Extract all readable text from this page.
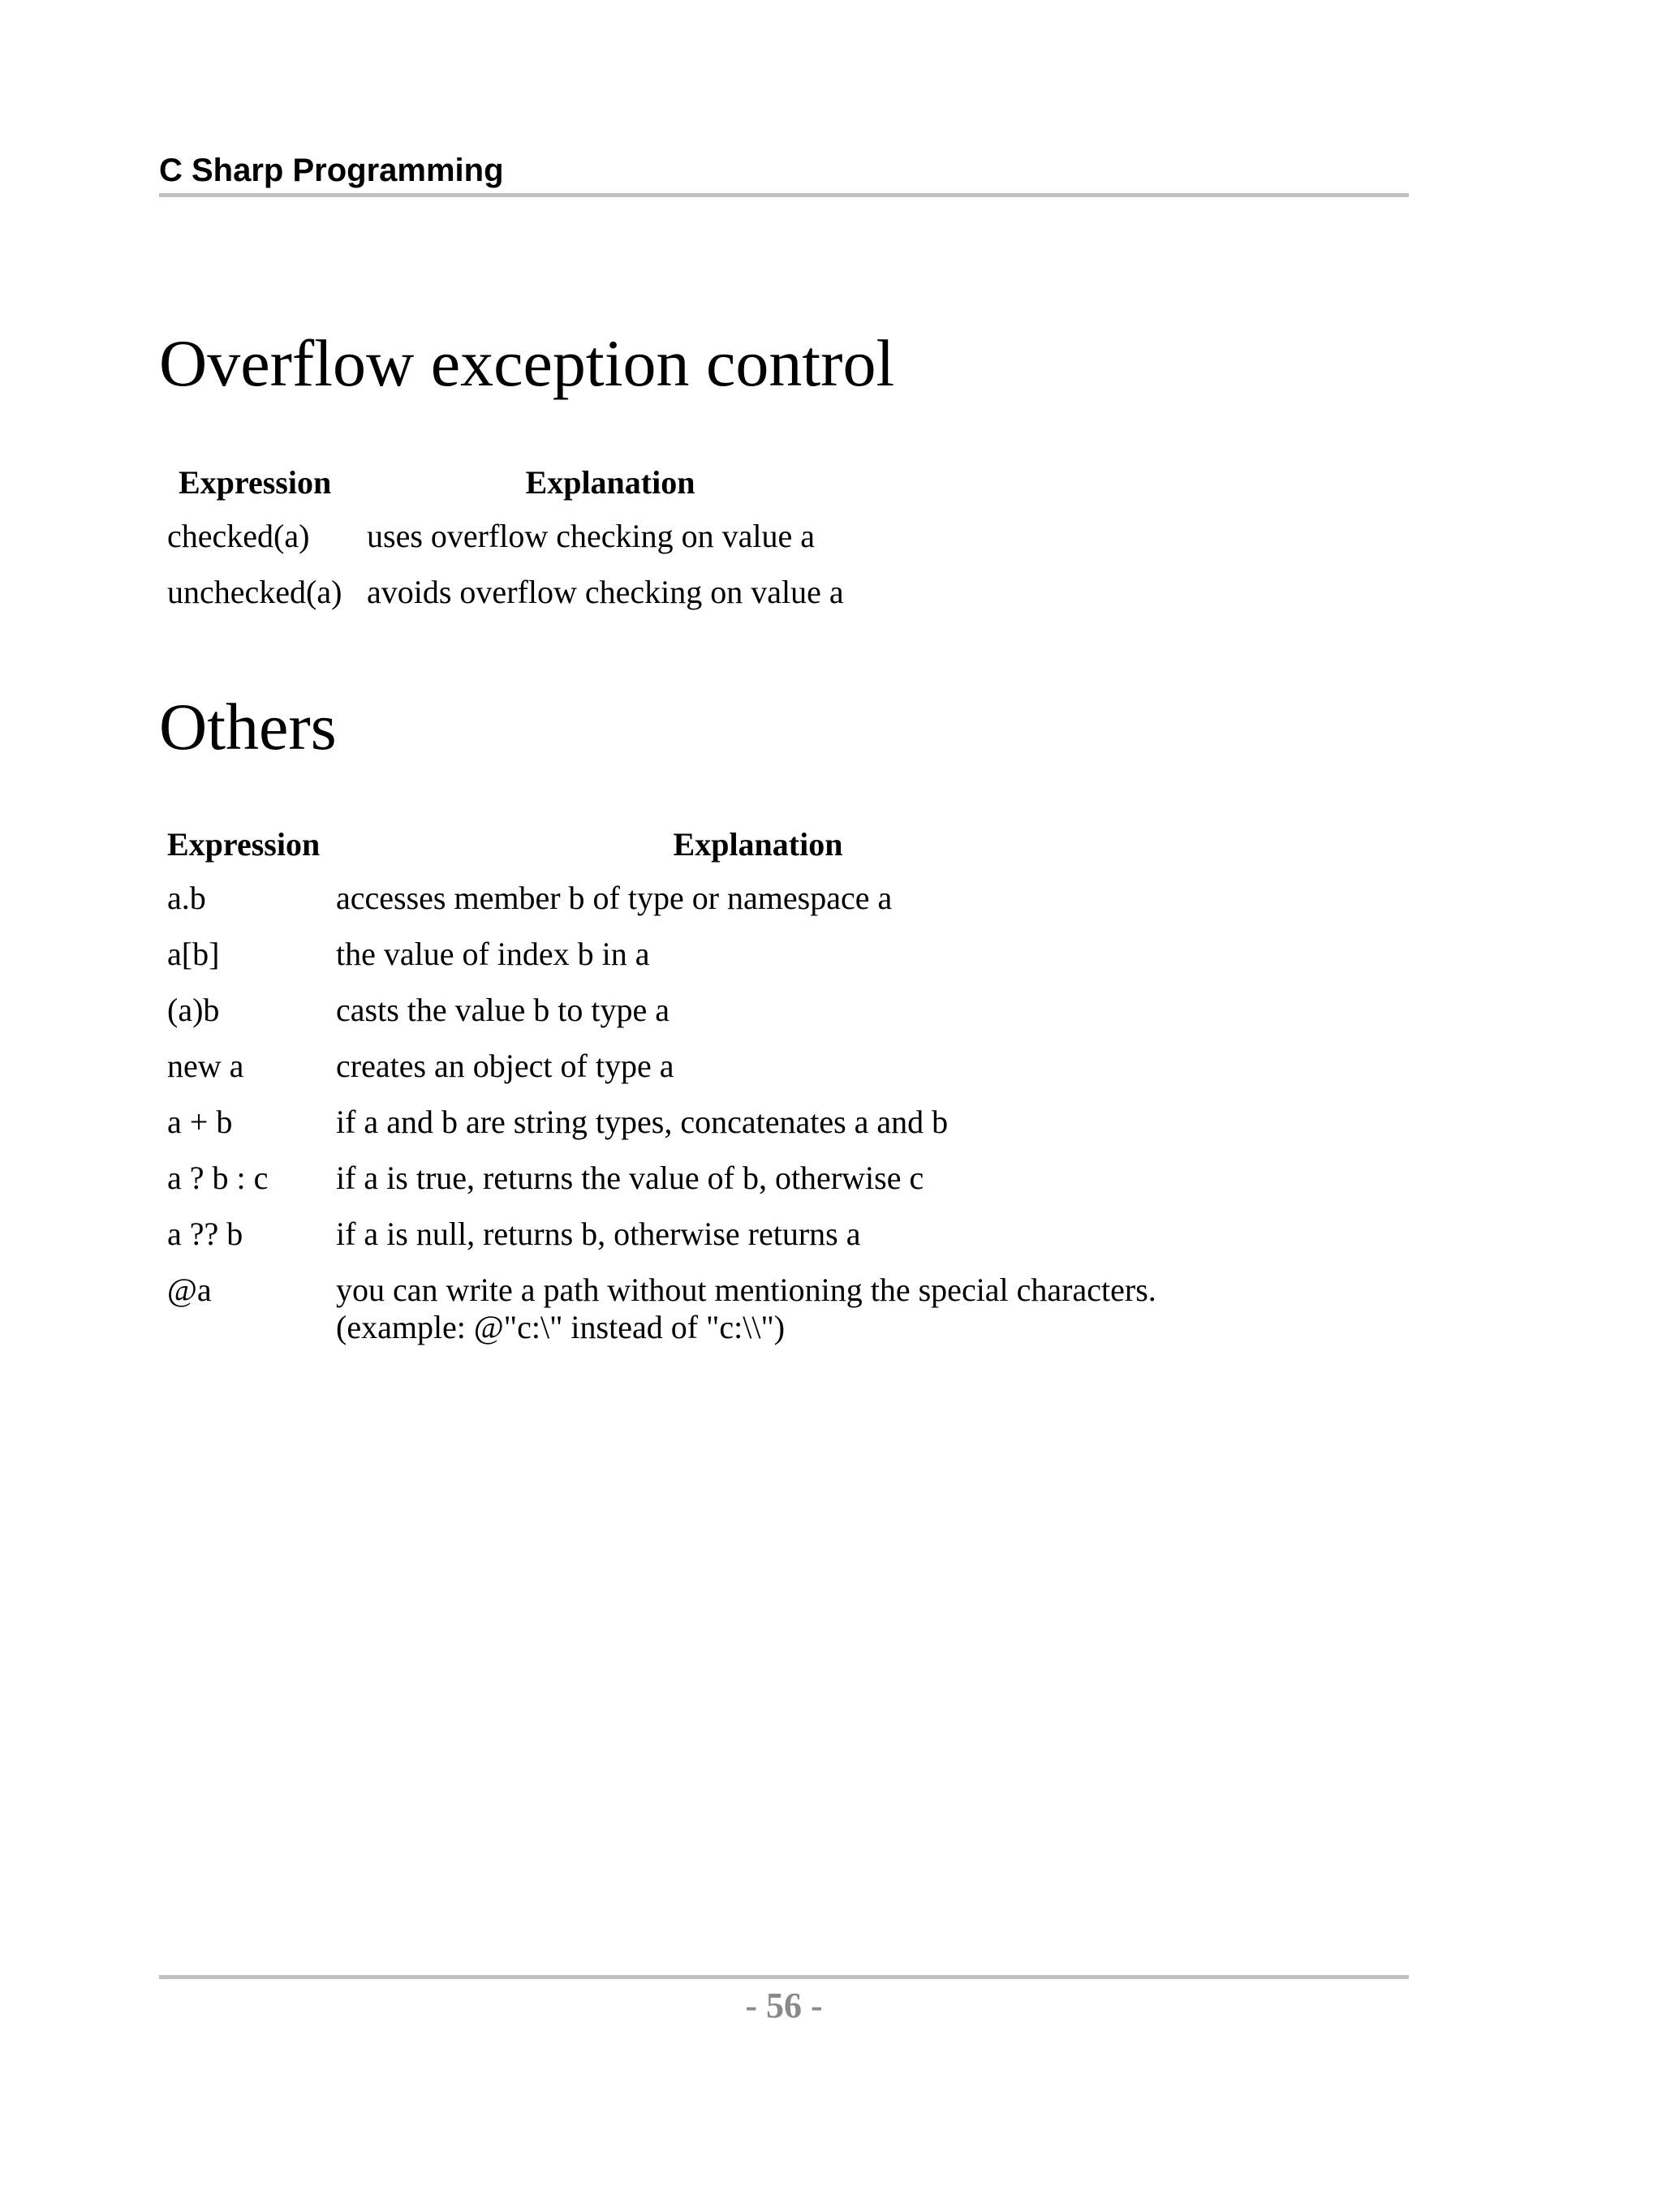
C Sharp Programming

Overflow exception control
Expression	Explanation
checked(a)	uses overflow checking on value a
unchecked(a)	avoids overflow checking on value a
Others
Expression	Explanation
a.b	accesses member b of type or namespace a
a[b]	the value of index b in a
(a)b	casts the value b to type a
new a	creates an object of type a
a + b	if a and b are string types, concatenates a and b
a ? b : c	if a is true, returns the value of b, otherwise c
a ?? b	if a is null, returns b, otherwise returns a
@a	you can write a path without mentioning the special characters.
(example: @"c:\" instead of "c:\\")

- 56 -
